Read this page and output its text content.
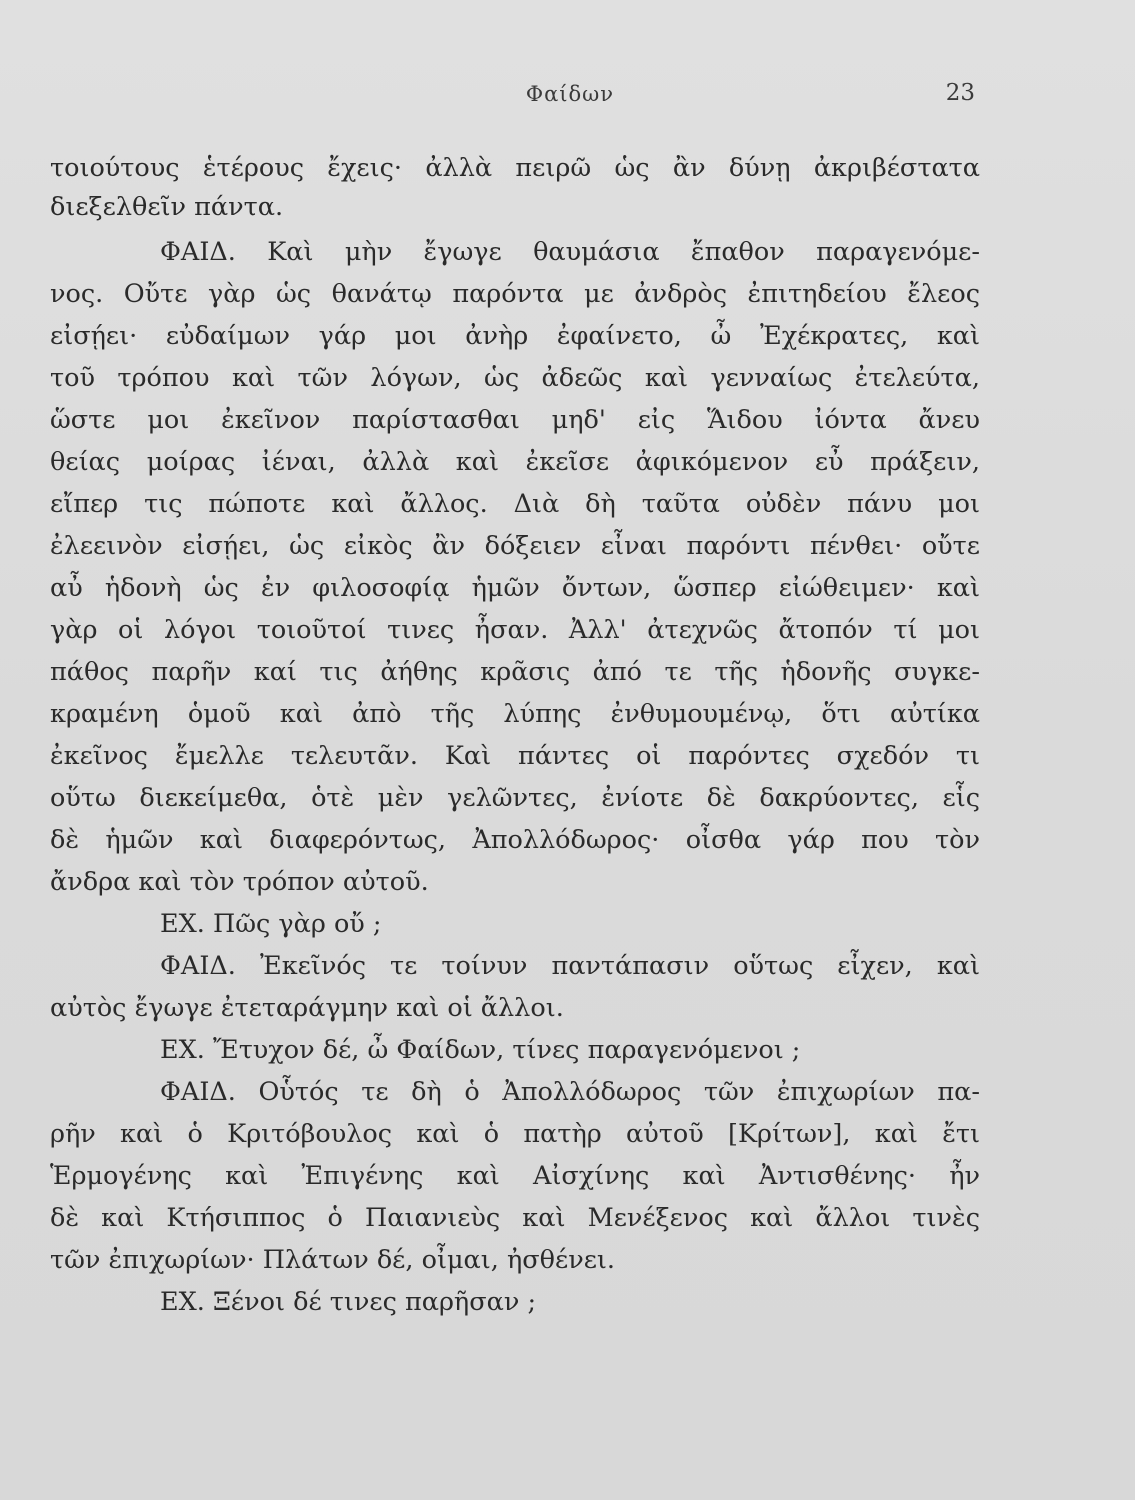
Φαίδων	23
τοιούτους ἑτέρους ἔχεις· ἀλλὰ πειρῶ ὡς ἂν δύνῃ ἀκριβέστατα
διεξελθεῖν πάντα.
ΦΑΙΔ. Καὶ μὴν ἔγωγε θαυμάσια ἔπαθον παραγενόμε-
νος. Οὔτε γὰρ ὡς θανάτῳ παρόντα με ἀνδρὸς ἐπιτηδείου ἔλεος
εἰσῄει· εὐδαίμων γάρ μοι ἀνὴρ ἐφαίνετο, ὦ Ἐχέκρατες, καὶ
τοῦ τρόπου καὶ τῶν λόγων, ὡς ἀδεῶς καὶ γενναίως ἐτελεύτα,
ὥστε μοι ἐκεῖνον παρίστασθαι μηδ' εἰς Ἅιδου ἰόντα ἄνευ
θείας μοίρας ἰέναι, ἀλλὰ καὶ ἐκεῖσε ἀφικόμενον εὖ πράξειν,
εἴπερ τις πώποτε καὶ ἄλλος. Διὰ δὴ ταῦτα οὐδὲν πάνυ μοι
ἐλεεινὸν εἰσῄει, ὡς εἰκὸς ἂν δόξειεν εἶναι παρόντι πένθει· οὔτε
αὖ ἡδονὴ ὡς ἐν φιλοσοφίᾳ ἡμῶν ὄντων, ὥσπερ εἰώθειμεν· καὶ
γὰρ οἱ λόγοι τοιοῦτοί τινες ἦσαν. Ἀλλ' ἀτεχνῶς ἄτοπόν τί μοι
πάθος παρῆν καί τις ἀήθης κρᾶσις ἀπό τε τῆς ἡδονῆς συγκε-
κραμένη ὁμοῦ καὶ ἀπὸ τῆς λύπης ἐνθυμουμένῳ, ὅτι αὐτίκα
ἐκεῖνος ἔμελλε τελευτᾶν. Καὶ πάντες οἱ παρόντες σχεδόν τι
οὕτω διεκείμεθα, ὁτὲ μὲν γελῶντες, ἐνίοτε δὲ δακρύοντες, εἷς
δὲ ἡμῶν καὶ διαφερόντως, Ἀπολλόδωρος· οἶσθα γάρ που τὸν
ἄνδρα καὶ τὸν τρόπον αὐτοῦ.
ΕΧ. Πῶς γὰρ οὔ ;
ΦΑΙΔ. Ἐκεῖνός τε τοίνυν παντάπασιν οὕτως εἶχεν, καὶ
αὐτὸς ἔγωγε ἐτεταράγμην καὶ οἱ ἄλλοι.
ΕΧ. Ἔτυχον δέ, ὦ Φαίδων, τίνες παραγενόμενοι ;
ΦΑΙΔ. Οὗτός τε δὴ ὁ Ἀπολλόδωρος τῶν ἐπιχωρίων πα-
ρῆν καὶ ὁ Κριτόβουλος καὶ ὁ πατὴρ αὐτοῦ [Κρίτων], καὶ ἔτι
Ἑρμογένης καὶ Ἐπιγένης καὶ Αἰσχίνης καὶ Ἀντισθένης· ἦν
δὲ καὶ Κτήσιππος ὁ Παιανιεὺς καὶ Μενέξενος καὶ ἄλλοι τινὲς
τῶν ἐπιχωρίων· Πλάτων δέ, οἶμαι, ἠσθένει.
ΕΧ. Ξένοι δέ τινες παρῆσαν ;
